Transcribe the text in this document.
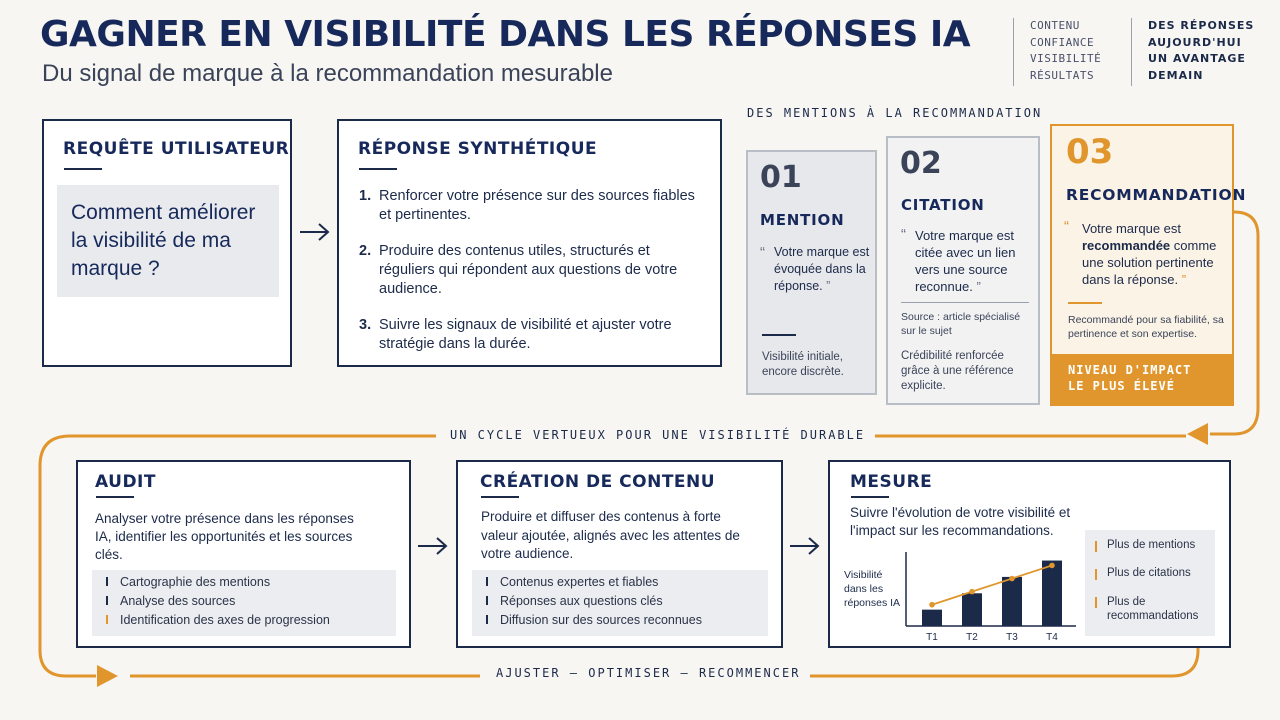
GAGNER EN VISIBILITÉ DANS LES RÉPONSES IA
Du signal de marque à la recommandation mesurable
CONTENU
CONFIANCE
VISIBILITÉ
RÉSULTATS
DES RÉPONSES
AUJOURD'HUI
UN AVANTAGE
DEMAIN
REQUÊTE UTILISATEUR
Comment améliorer la visibilité de ma marque ?
RÉPONSE SYNTHÉTIQUE
1. Renforcer votre présence sur des sources fiables et pertinentes.
2. Produire des contenus utiles, structurés et réguliers qui répondent aux questions de votre audience.
3. Suivre les signaux de visibilité et ajuster votre stratégie dans la durée.
DES MENTIONS À LA RECOMMANDATION
01
MENTION
“ Votre marque est évoquée dans la réponse. ”
Visibilité initiale, encore discrète.
02
CITATION
“ Votre marque est citée avec un lien vers une source reconnue. ”
Source : article spécialisé sur le sujet
Crédibilité renforcée grâce à une référence explicite.
03
RECOMMANDATION
“ Votre marque est recommandée comme une solution pertinente dans la réponse. ”
Recommandé pour sa fiabilité, sa pertinence et son expertise.
NIVEAU D'IMPACT LE PLUS ÉLEVÉ
UN CYCLE VERTUEUX POUR UNE VISIBILITÉ DURABLE
AJUSTER — OPTIMISER — RECOMMENCER
AUDIT
Analyser votre présence dans les réponses IA, identifier les opportunités et les sources clés.
Cartographie des mentions
Analyse des sources
Identification des axes de progression
CRÉATION DE CONTENU
Produire et diffuser des contenus à forte valeur ajoutée, alignés avec les attentes de votre audience.
Contenus expertes et fiables
Réponses aux questions clés
Diffusion sur des sources reconnues
MESURE
Suivre l'évolution de votre visibilité et l'impact sur les recommandations.
Visibilité dans les réponses IA
T1	T2	T3	T4
Plus de mentions
Plus de citations
Plus de recommandations
